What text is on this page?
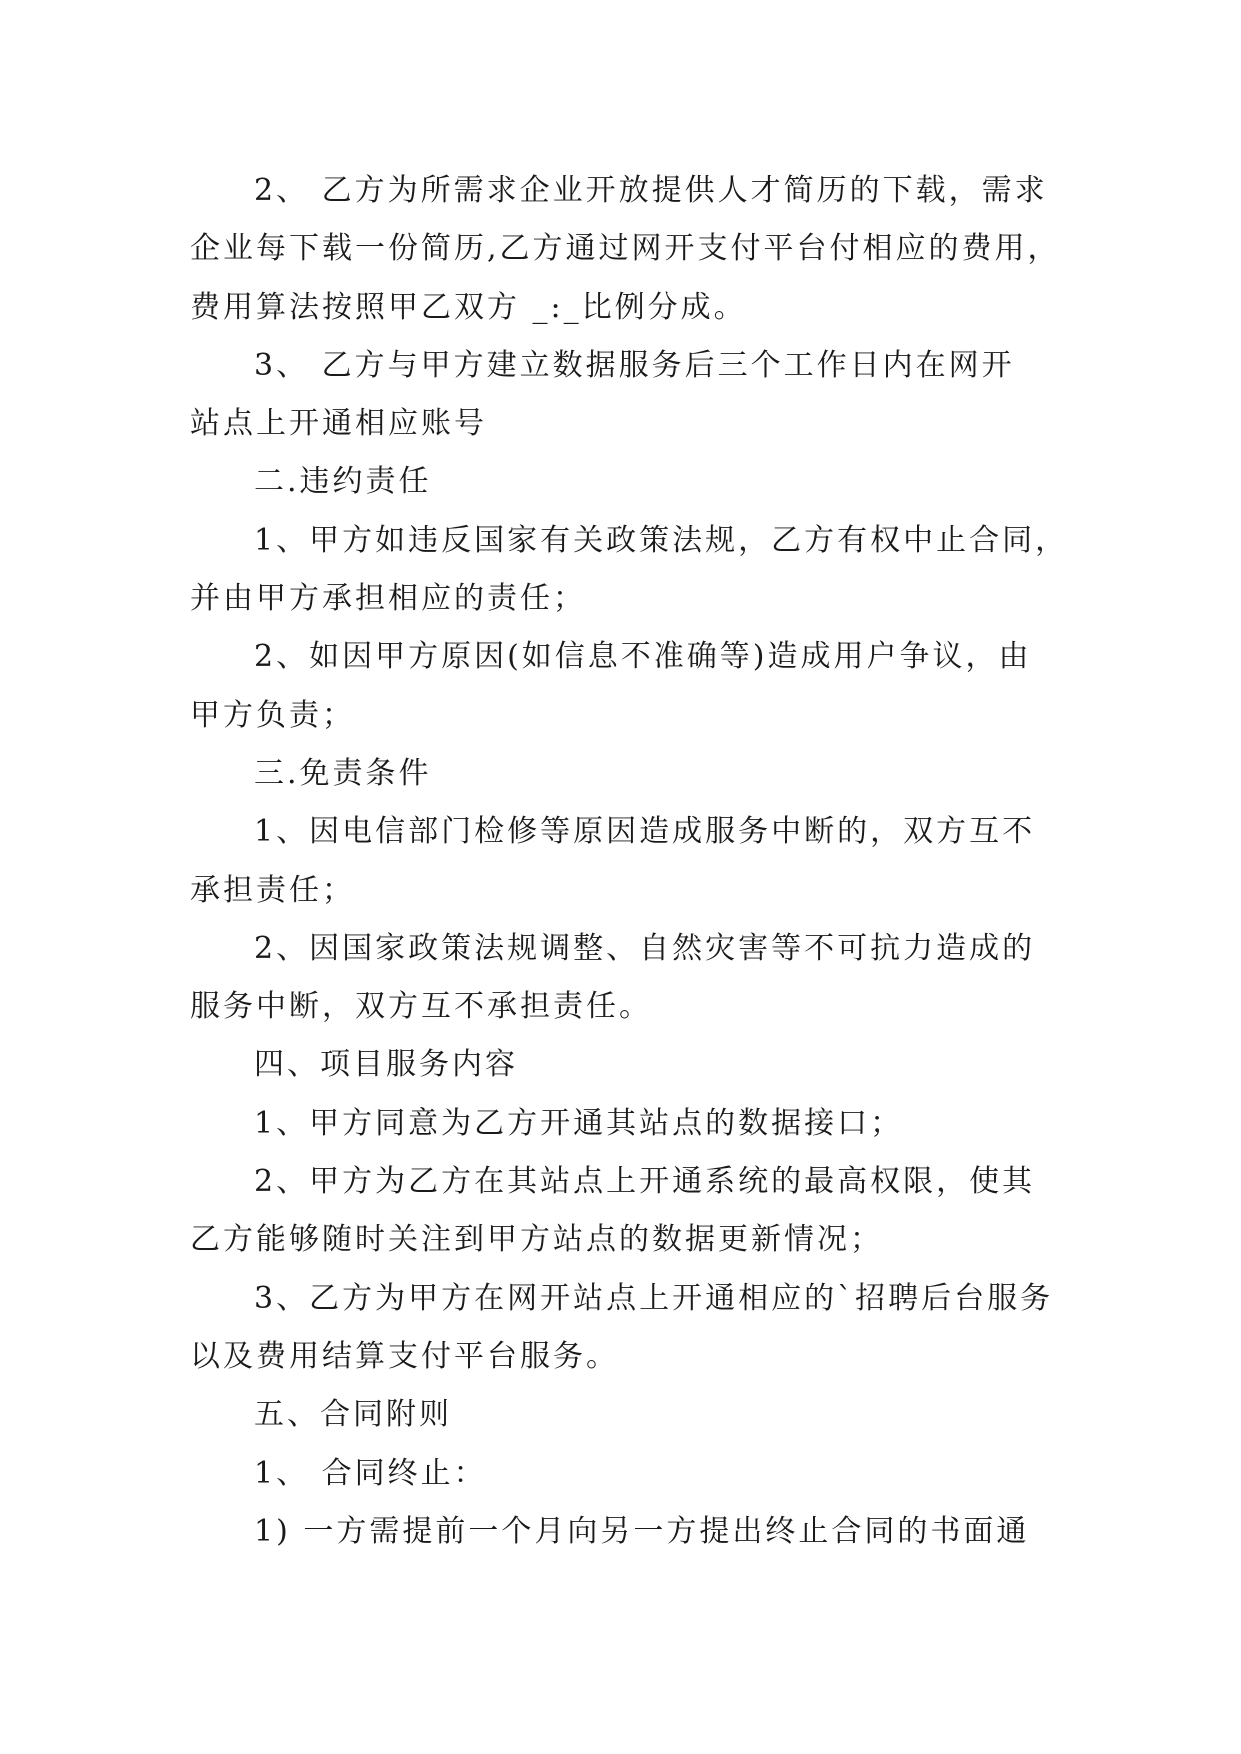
2、 乙方为所需求企业开放提供人才简历的下载，需求
企业每下载一份简历,乙方通过网开支付平台付相应的费用，
费用算法按照甲乙双方 _:_比例分成。
3、 乙方与甲方建立数据服务后三个工作日内在网开
站点上开通相应账号
二.违约责任
1、甲方如违反国家有关政策法规，乙方有权中止合同，
并由甲方承担相应的责任；
2、如因甲方原因(如信息不准确等)造成用户争议，由
甲方负责；
三.免责条件
1、因电信部门检修等原因造成服务中断的，双方互不
承担责任；
2、因国家政策法规调整、自然灾害等不可抗力造成的
服务中断，双方互不承担责任。
四、项目服务内容
1、甲方同意为乙方开通其站点的数据接口；
2、甲方为乙方在其站点上开通系统的最高权限，使其
乙方能够随时关注到甲方站点的数据更新情况；
3、乙方为甲方在网开站点上开通相应的`招聘后台服务
以及费用结算支付平台服务。
五、合同附则
1、 合同终止：
1) 一方需提前一个月向另一方提出终止合同的书面通
